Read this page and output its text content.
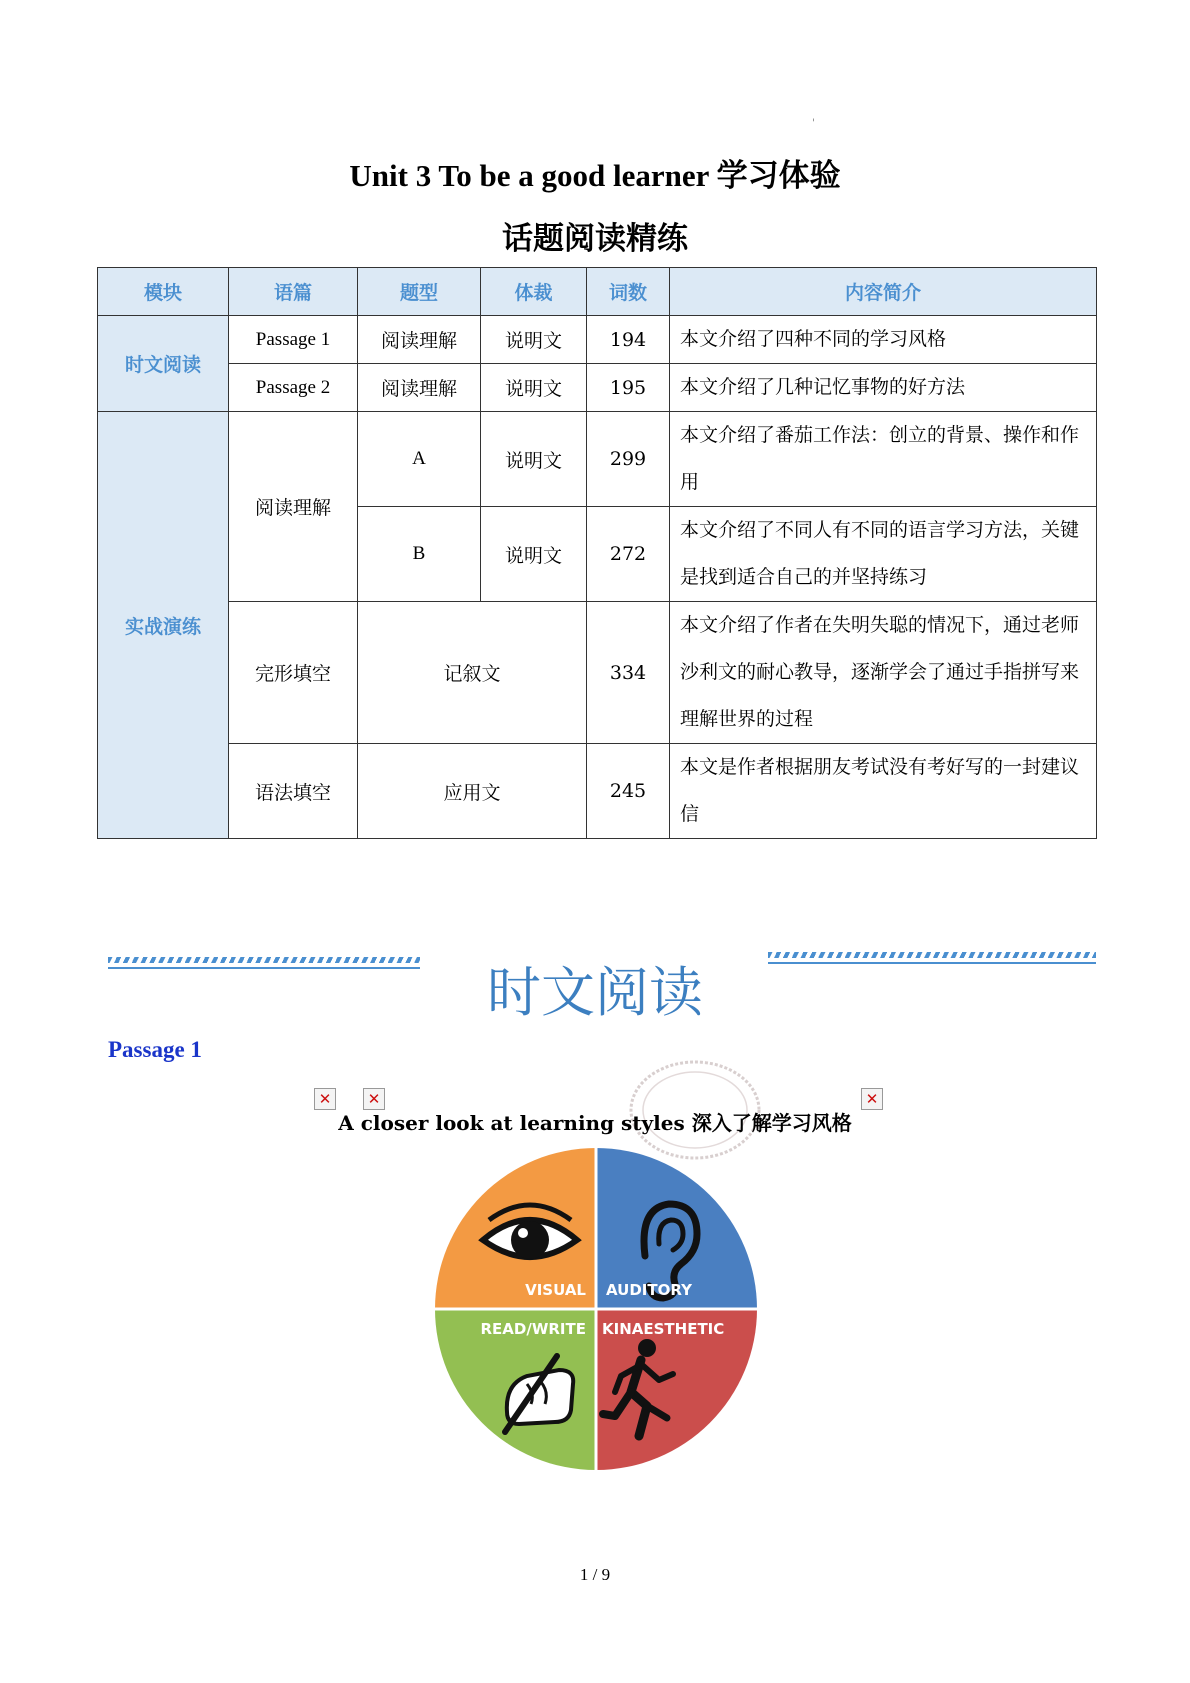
'
Unit 3 To be a good learner 学习体验
话题阅读精练
模块	语篇	题型	体裁	词数	内容简介
时文阅读	Passage 1	阅读理解	说明文	194	本文介绍了四种不同的学习风格
	Passage 2	阅读理解	说明文	195	本文介绍了几种记忆事物的好方法
实战演练	阅读理解	A	说明文	299	本文介绍了番茄工作法：创立的背景、操作和作用
		B	说明文	272	本文介绍了不同人有不同的语言学习方法，关键是找到适合自己的并坚持练习
	完形填空	记叙文		334	本文介绍了作者在失明失聪的情况下，通过老师沙利文的耐心教导，逐渐学会了通过手指拼写来理解世界的过程
	语法填空	应用文		245	本文是作者根据朋友考试没有考好写的一封建议信
时文阅读
Passage 1
✕	✕	✕
A closer look at learning styles 深入了解学习风格
VISUAL AUDITORY
READ/WRITE KINAESTHETIC
1 / 9
